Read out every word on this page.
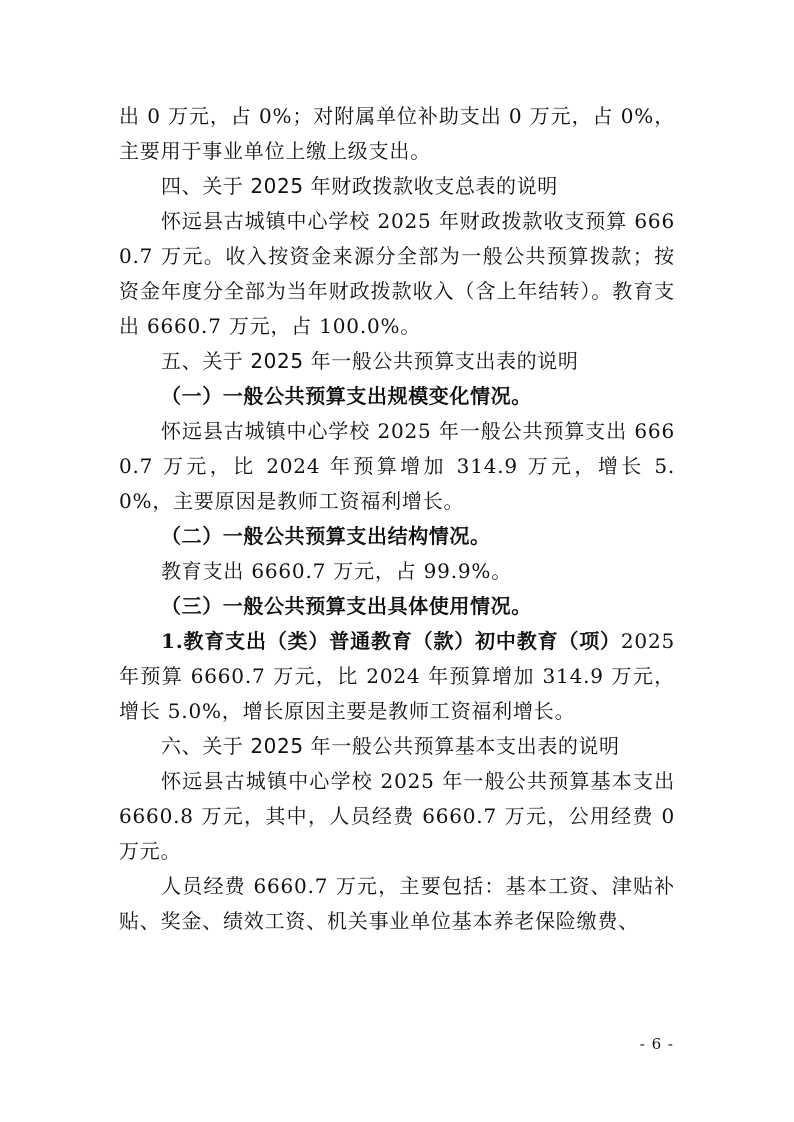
出 0 万元，占 0%；对附属单位补助支出 0 万元，占 0%，主要用于事业单位上缴上级支出。

四、关于 2025 年财政拨款收支总表的说明

怀远县古城镇中心学校 2025 年财政拨款收支预算 6660.7 万元。收入按资金来源分全部为一般公共预算拨款；按资金年度分全部为当年财政拨款收入（含上年结转）。教育支出 6660.7 万元，占 100.0%。

五、关于 2025 年一般公共预算支出表的说明

（一）一般公共预算支出规模变化情况。

怀远县古城镇中心学校 2025 年一般公共预算支出 6660.7 万元，比 2024 年预算增加 314.9 万元，增长 5.0%，主要原因是教师工资福利增长。

（二）一般公共预算支出结构情况。

教育支出 6660.7 万元，占 99.9%。

（三）一般公共预算支出具体使用情况。

1.教育支出（类）普通教育（款）初中教育（项）2025 年预算 6660.7 万元，比 2024 年预算增加 314.9 万元，增长 5.0%，增长原因主要是教师工资福利增长。

六、关于 2025 年一般公共预算基本支出表的说明

怀远县古城镇中心学校 2025 年一般公共预算基本支出 6660.8 万元，其中，人员经费 6660.7 万元，公用经费 0 万元。

人员经费 6660.7 万元，主要包括：基本工资、津贴补贴、奖金、绩效工资、机关事业单位基本养老保险缴费、

- 6 -
